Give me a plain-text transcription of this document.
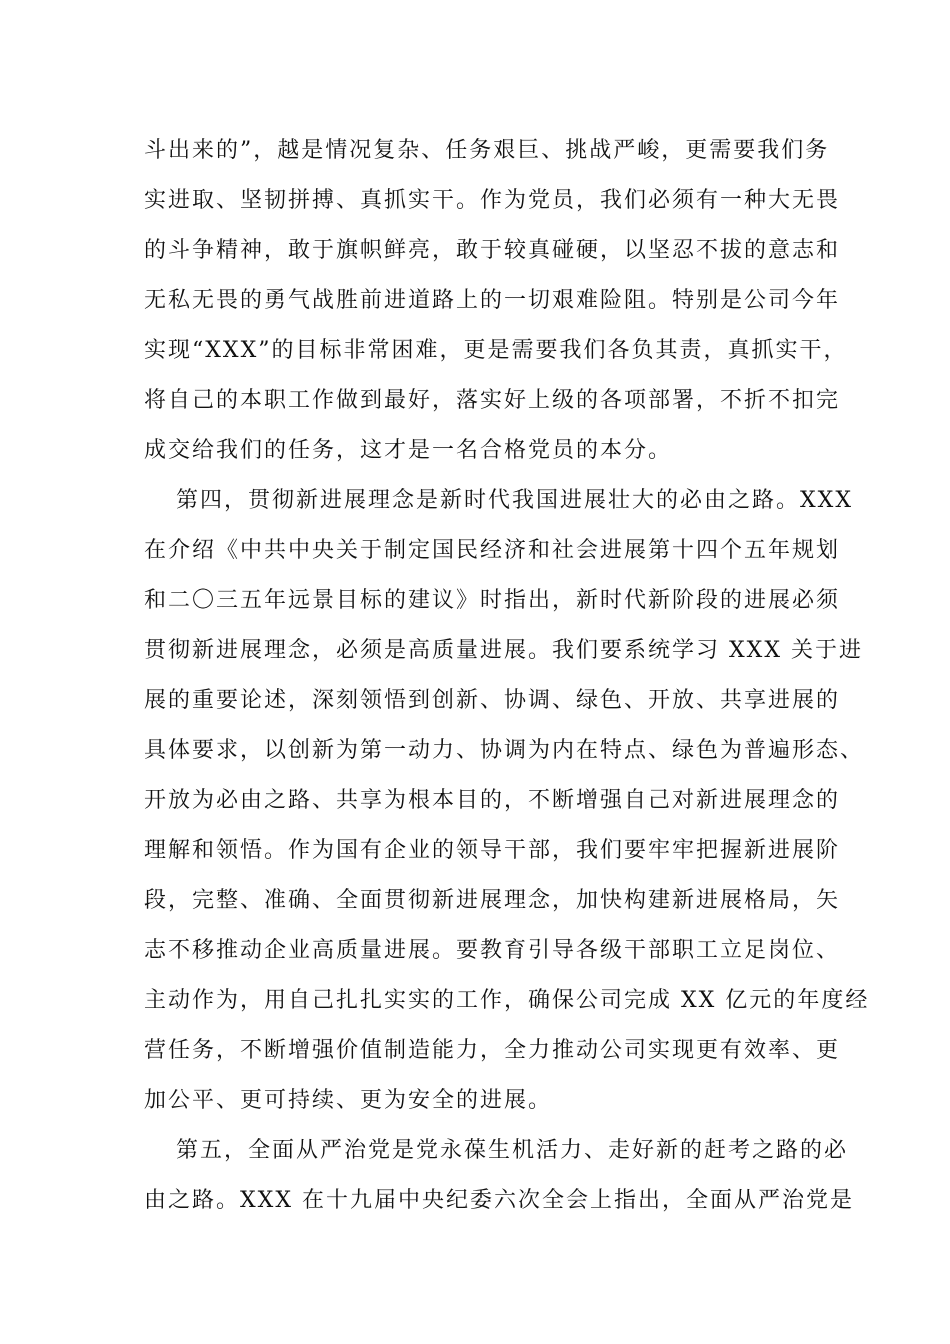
斗出来的”，越是情况复杂、任务艰巨、挑战严峻，更需要我们务
实进取、坚韧拼搏、真抓实干。作为党员，我们必须有一种大无畏
的斗争精神，敢于旗帜鲜亮，敢于较真碰硬，以坚忍不拔的意志和
无私无畏的勇气战胜前进道路上的一切艰难险阻。特别是公司今年
实现“XXX”的目标非常困难，更是需要我们各负其责，真抓实干，
将自己的本职工作做到最好，落实好上级的各项部署，不折不扣完
成交给我们的任务，这才是一名合格党员的本分。
第四，贯彻新进展理念是新时代我国进展壮大的必由之路。XXX
在介绍《中共中央关于制定国民经济和社会进展第十四个五年规划
和二〇三五年远景目标的建议》时指出，新时代新阶段的进展必须
贯彻新进展理念，必须是高质量进展。我们要系统学习 XXX 关于进
展的重要论述，深刻领悟到创新、协调、绿色、开放、共享进展的
具体要求，以创新为第一动力、协调为内在特点、绿色为普遍形态、
开放为必由之路、共享为根本目的，不断增强自己对新进展理念的
理解和领悟。作为国有企业的领导干部，我们要牢牢把握新进展阶
段，完整、准确、全面贯彻新进展理念，加快构建新进展格局，矢
志不移推动企业高质量进展。要教育引导各级干部职工立足岗位、
主动作为，用自己扎扎实实的工作，确保公司完成 XX 亿元的年度经
营任务，不断增强价值制造能力，全力推动公司实现更有效率、更
加公平、更可持续、更为安全的进展。
第五，全面从严治党是党永葆生机活力、走好新的赶考之路的必
由之路。XXX 在十九届中央纪委六次全会上指出，全面从严治党是
